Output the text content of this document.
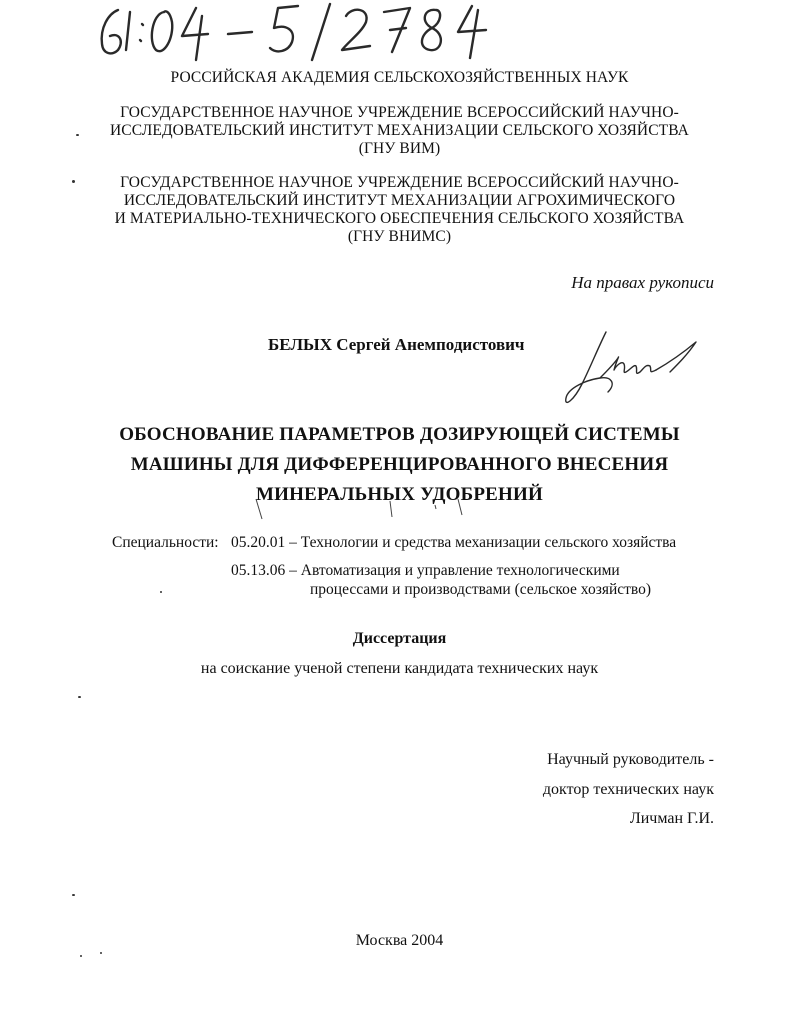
РОССИЙСКАЯ АКАДЕМИЯ СЕЛЬСКОХОЗЯЙСТВЕННЫХ НАУК
ГОСУДАРСТВЕННОЕ НАУЧНОЕ УЧРЕЖДЕНИЕ ВСЕРОССИЙСКИЙ НАУЧНО-
ИССЛЕДОВАТЕЛЬСКИЙ ИНСТИТУТ МЕХАНИЗАЦИИ СЕЛЬСКОГО ХОЗЯЙСТВА
(ГНУ ВИМ)
ГОСУДАРСТВЕННОЕ НАУЧНОЕ УЧРЕЖДЕНИЕ ВСЕРОССИЙСКИЙ НАУЧНО-
ИССЛЕДОВАТЕЛЬСКИЙ ИНСТИТУТ МЕХАНИЗАЦИИ АГРОХИМИЧЕСКОГО
И МАТЕРИАЛЬНО-ТЕХНИЧЕСКОГО ОБЕСПЕЧЕНИЯ СЕЛЬСКОГО ХОЗЯЙСТВА
(ГНУ ВНИМС)
На правах рукописи
БЕЛЫХ Сергей Анемподистович
ОБОСНОВАНИЕ ПАРАМЕТРОВ ДОЗИРУЮЩЕЙ СИСТЕМЫ
МАШИНЫ ДЛЯ ДИФФЕРЕНЦИРОВАННОГО ВНЕСЕНИЯ
МИНЕРАЛЬНЫХ УДОБРЕНИЙ
Специальности: 05.20.01 – Технологии и средства механизации сельского хозяйства
05.13.06 – Автоматизация и управление технологическими
процессами и производствами (сельское хозяйство)
Диссертация
на соискание ученой степени кандидата технических наук
Научный руководитель -
доктор технических наук
Личман Г.И.
Москва 2004
